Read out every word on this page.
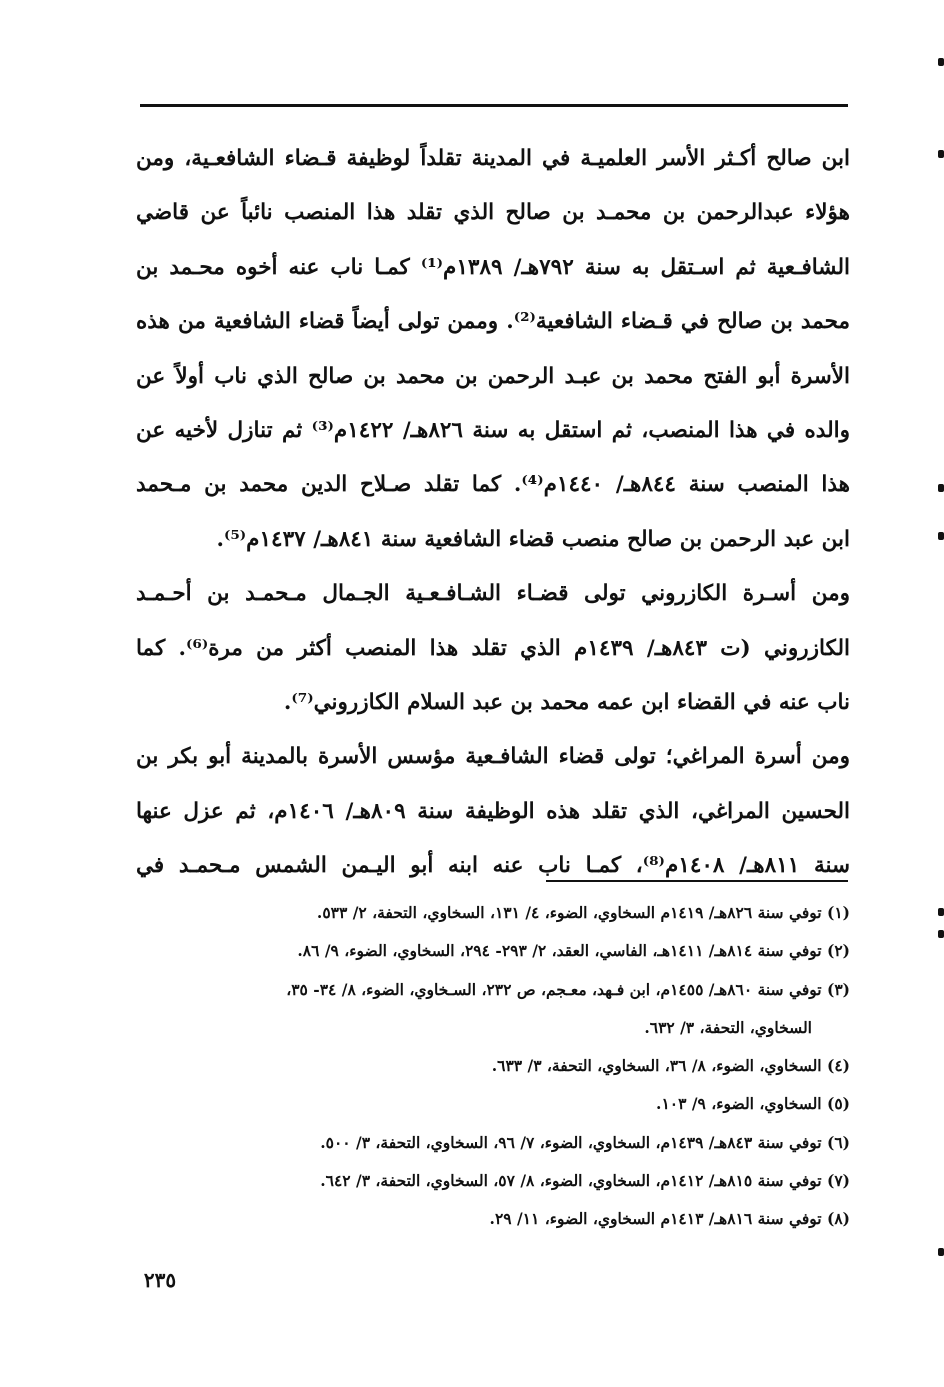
ابن صالح أكـثر الأسر العلميـة في المدينة تقلداً لوظيفة قـضاء الشافعـية، ومن
هؤلاء عبدالرحمن بن محمـد بن صالح الذي تقلد هذا المنصب نائباً عن قاضي
الشافـعية ثم اسـتقل به سنة ٧٩٢هـ/ ١٣٨٩م⁽¹⁾ كمـا ناب عنه أخوه محـمد بن
محمد بن صالح في قـضاء الشافعية⁽²⁾. وممن تولى أيضاً قضاء الشافعية من هذه
الأسرة أبو الفتح محمد بن عبـد الرحمن بن محمد بن صالح الذي ناب أولاً عن
والده في هذا المنصب، ثم استقل به سنة ٨٢٦هـ/ ١٤٢٢م⁽³⁾ ثم تنازل لأخيه عن
هذا المنصب سنة ٨٤٤هـ/ ١٤٤٠م⁽⁴⁾. كما تقلد صـلاح الدين محمد بن مـحمد
ابن عبد الرحمن بن صالح منصب قضاء الشافعية سنة ٨٤١هـ/ ١٤٣٧م⁽⁵⁾.
ومن أسـرة الكازروني تولى قضـاء الشـافـعـية الجـمال مـحمـد بن أحـمـد
الكازروني (ت ٨٤٣هـ/ ١٤٣٩م الذي تقلد هذا المنصب أكثر من مرة⁽⁶⁾. كما
ناب عنه في القضاء ابن عمه محمد بن عبد السلام الكازروني⁽⁷⁾.
ومن أسرة المراغي؛ تولى قضاء الشافـعية مؤسس الأسرة بالمدينة أبو بكر بن
الحسين المراغي، الذي تقلد هذه الوظيفة سنة ٨٠٩هـ/ ١٤٠٦م، ثم عزل عنها
سنة ٨١١هـ/ ١٤٠٨م⁽⁸⁾، كمـا ناب عنه ابنه أبو اليـمن الشمس مـحمـد في
(١) توفي سنة ٨٢٦هـ/ ١٤١٩م السخاوي، الضوء، ٤/ ١٣١، السخاوي، التحفة، ٢/ ٥٣٣.
(٢) توفي سنة ٨١٤هـ/ ١٤١١هـ، الفاسي، العقد، ٢/ ٢٩٣- ٢٩٤، السخاوي، الضوء، ٩/ ٨٦.
(٣) توفي سنة ٨٦٠هـ/ ١٤٥٥م، ابن فـهد، معـجم، ص ٢٣٢، السـخاوي، الضوء، ٨/ ٣٤- ٣٥،
السخاوي، التحفة، ٣/ ٦٣٢.
(٤) السخاوي، الضوء، ٨/ ٣٦، السخاوي، التحفة، ٣/ ٦٣٣.
(٥) السخاوي، الضوء، ٩/ ١٠٣.
(٦) توفي سنة ٨٤٣هـ/ ١٤٣٩م، السخاوي، الضوء، ٧/ ٩٦، السخاوي، التحفة، ٣/ ٥٠٠.
(٧) توفي سنة ٨١٥هـ/ ١٤١٢م، السخاوي، الضوء، ٨/ ٥٧، السخاوي، التحفة، ٣/ ٦٤٢.
(٨) توفي سنة ٨١٦هـ/ ١٤١٣م السخاوي، الضوء، ١١/ ٢٩.
٢٣٥
